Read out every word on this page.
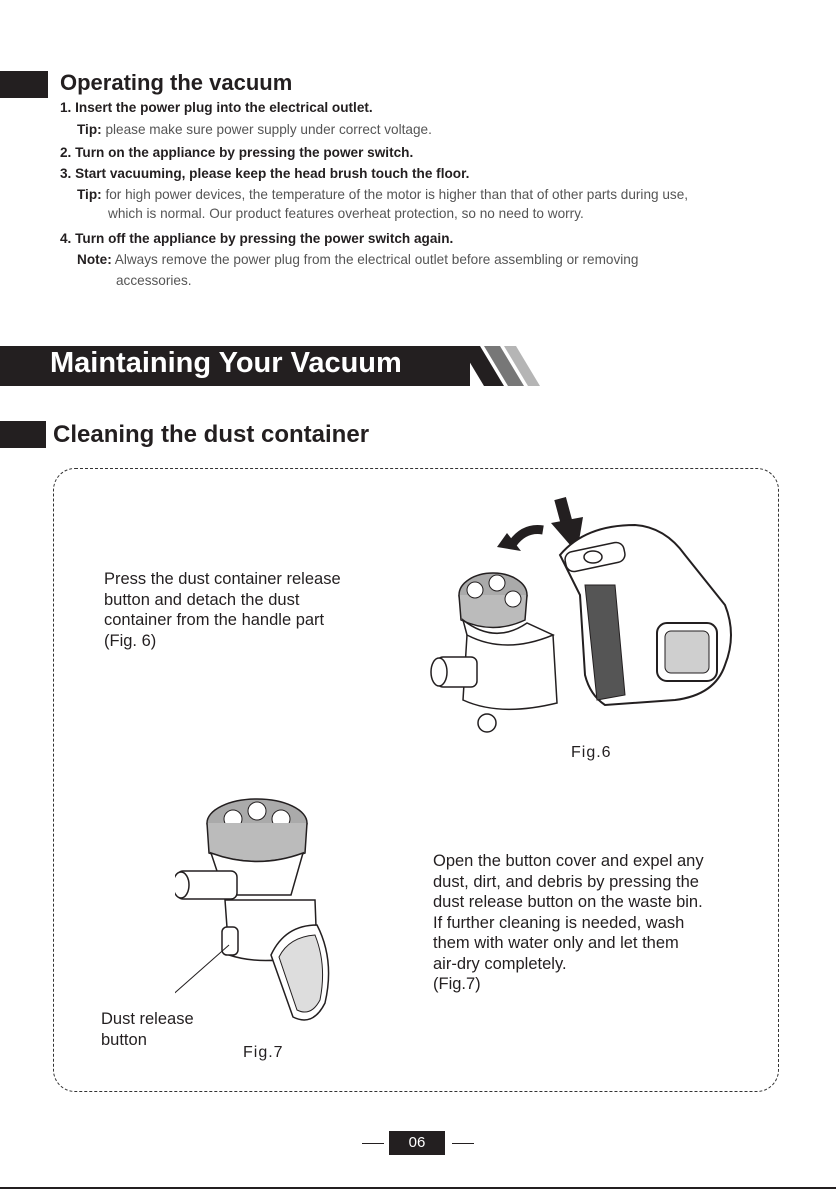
Operating the vacuum
1. Insert the power plug into the electrical outlet.
Tip: please make sure power supply under correct voltage.
2. Turn on the appliance by pressing the power switch.
3. Start vacuuming, please keep the head brush touch the floor.
Tip: for high power devices, the temperature of the motor is higher than that of other parts during use,
which is normal. Our product features overheat protection, so no need to worry.
4. Turn off the appliance by pressing the power switch again.
Note: Always remove the power plug from the electrical outlet before assembling or removing
accessories.
Maintaining Your Vacuum
Cleaning the dust container
Press the dust container release
button and detach the dust
container from the handle part
(Fig. 6)
Fig.6
Dust release
button
Fig.7
Open the button cover and expel any
dust, dirt, and debris by pressing the
dust release button on the waste bin.
If further cleaning is needed, wash
them with water only and let them
air-dry completely.
(Fig.7)
06
